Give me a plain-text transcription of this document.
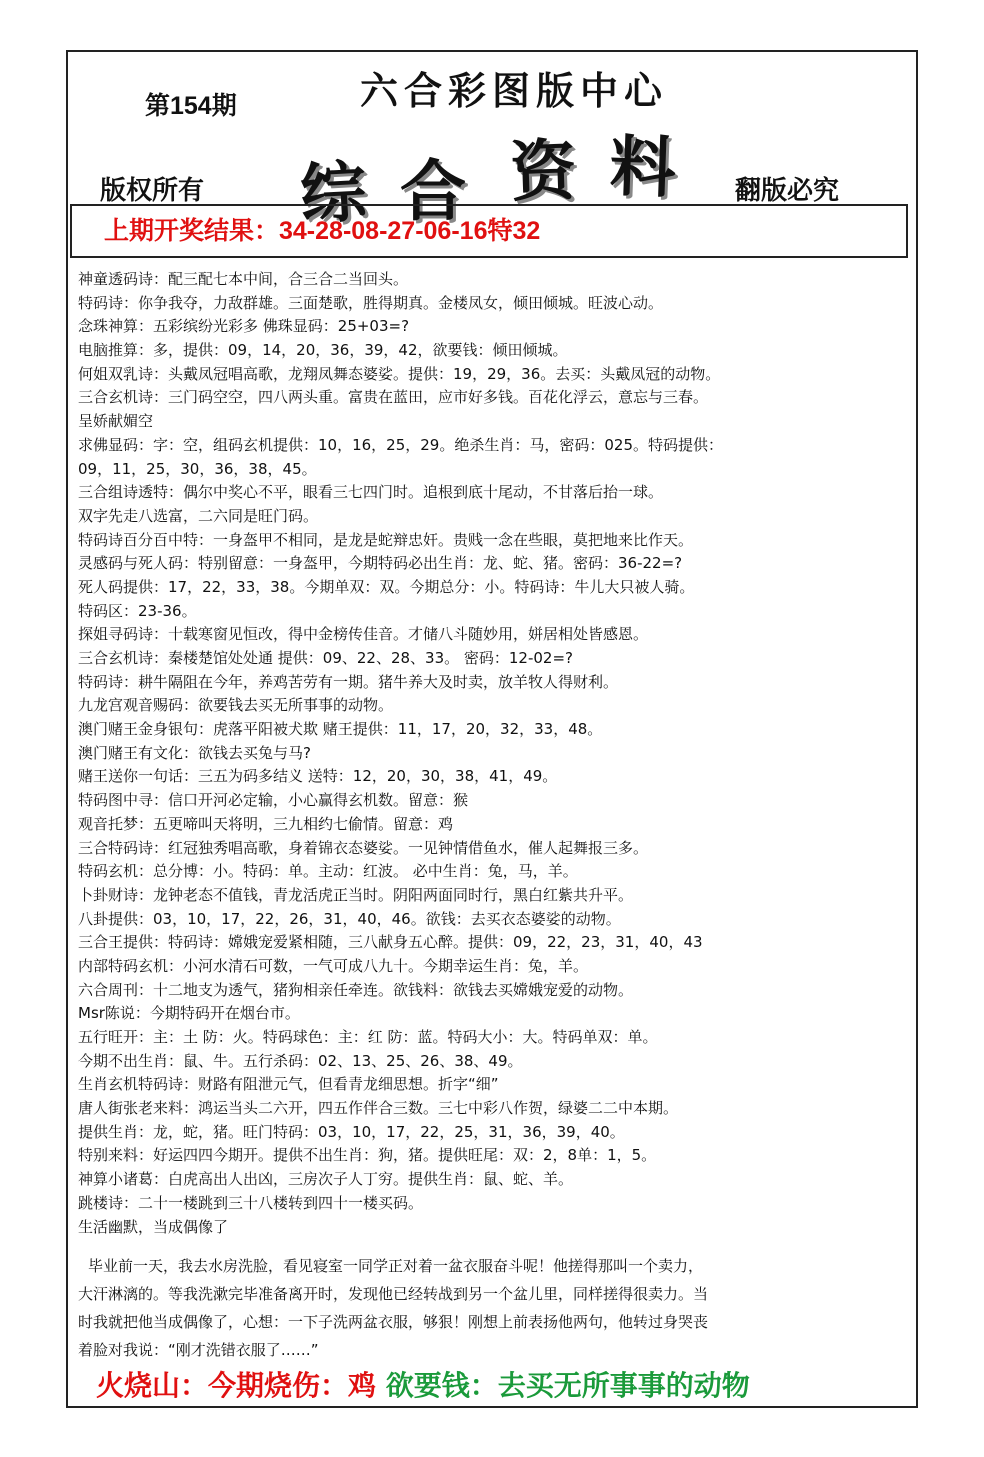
第154期	六合彩图版中心
综 合 资 料
版权所有	翻版必究
上期开奖结果：34-28-08-27-06-16特32
神童透码诗：配三配七本中间，合三合二当回头。
特码诗：你争我夺，力敌群雄。三面楚歌，胜得期真。金楼凤女，倾田倾城。旺波心动。
念珠神算：五彩缤纷光彩多 佛珠显码：25+03=?
电脑推算：多，提供：09，14，20，36，39，42，欲要钱：倾田倾城。
何姐双乳诗：头戴凤冠唱高歌，龙翔凤舞态婆娑。提供：19，29，36。去买：头戴凤冠的动物。
三合玄机诗：三门码空空，四八两头重。富贵在蓝田，应市好多钱。百花化浮云，意忘与三春。
呈娇献媚空
求佛显码：字：空，组码玄机提供：10，16，25，29。绝杀生肖：马，密码：025。特码提供：
09，11，25，30，36，38，45。
三合组诗透特：偶尔中奖心不平，眼看三七四门时。追根到底十尾动，不甘落后抬一球。
双字先走八选富，二六同是旺门码。
特码诗百分百中特：一身盔甲不相同，是龙是蛇辩忠奸。贵贱一念在些眼，莫把地来比作天。
灵感码与死人码：特别留意：一身盔甲，今期特码必出生肖：龙、蛇、猪。密码：36-22=?
死人码提供：17，22，33，38。今期单双：双。今期总分：小。特码诗：牛儿大只被人骑。
特码区：23-36。
探姐寻码诗：十载寒窗见恒改，得中金榜传佳音。才储八斗随妙用，姘居相处皆感恩。
三合玄机诗：秦楼楚馆处处通 提供：09、22、28、33。 密码：12-02=?
特码诗：耕牛隔阻在今年，养鸡苦劳有一期。猪牛养大及时卖，放羊牧人得财利。
九龙宫观音赐码：欲要钱去买无所事事的动物。
澳门赌王金身银句：虎落平阳被犬欺 赌王提供：11，17，20，32，33，48。
澳门赌王有文化：欲钱去买兔与马?
赌王送你一句话：三五为码多结义 送特：12，20，30，38，41，49。
特码图中寻：信口开河必定输，小心赢得玄机数。留意：猴
观音托梦：五更啼叫天将明，三九相约七偷情。留意：鸡
三合特码诗：红冠独秀唱高歌，身着锦衣态婆娑。一见钟情借鱼水，催人起舞报三多。
特码玄机：总分博：小。特码：单。主动：红波。 必中生肖：兔，马，羊。
卜卦财诗：龙钟老态不值钱，青龙活虎正当时。阴阳两面同时行，黑白红紫共升平。
八卦提供：03，10，17，22，26，31，40，46。欲钱：去买衣态婆娑的动物。
三合王提供：特码诗：嫦娥宠爱紧相随，三八献身五心醉。提供：09，22，23，31，40，43
内部特码玄机：小河水清石可数，一气可成八九十。今期幸运生肖：兔，羊。
六合周刊：十二地支为透气，猪狗相亲任牵连。欲钱料：欲钱去买嫦娥宠爱的动物。
Msr陈说：今期特码开在烟台市。
五行旺开：主：土 防：火。特码球色：主：红 防：蓝。特码大小：大。特码单双：单。
今期不出生肖：鼠、牛。五行杀码：02、13、25、26、38、49。
生肖玄机特码诗：财路有阻泄元气，但看青龙细思想。折字“细”
唐人街张老来料：鸿运当头二六开，四五作伴合三数。三七中彩八作贺，绿婆二二中本期。
提供生肖：龙，蛇，猪。旺门特码：03，10，17，22，25，31，36，39，40。
特别来料：好运四四今期开。提供不出生肖：狗，猪。提供旺尾：双：2，8单：1，5。
神算小诸葛：白虎高出人出凶，三房次子人丁穷。提供生肖：鼠、蛇、羊。
跳楼诗：二十一楼跳到三十八楼转到四十一楼买码。
生活幽默，当成偶像了
毕业前一天，我去水房洗脸，看见寝室一同学正对着一盆衣服奋斗呢！他搓得那叫一个卖力，
大汗淋漓的。等我洗漱完毕准备离开时，发现他已经转战到另一个盆儿里，同样搓得很卖力。当
时我就把他当成偶像了，心想：一下子洗两盆衣服，够狠！刚想上前表扬他两句，他转过身哭丧
着脸对我说：“刚才洗错衣服了……”
火烧山：今期烧伤：鸡 欲要钱：去买无所事事的动物
